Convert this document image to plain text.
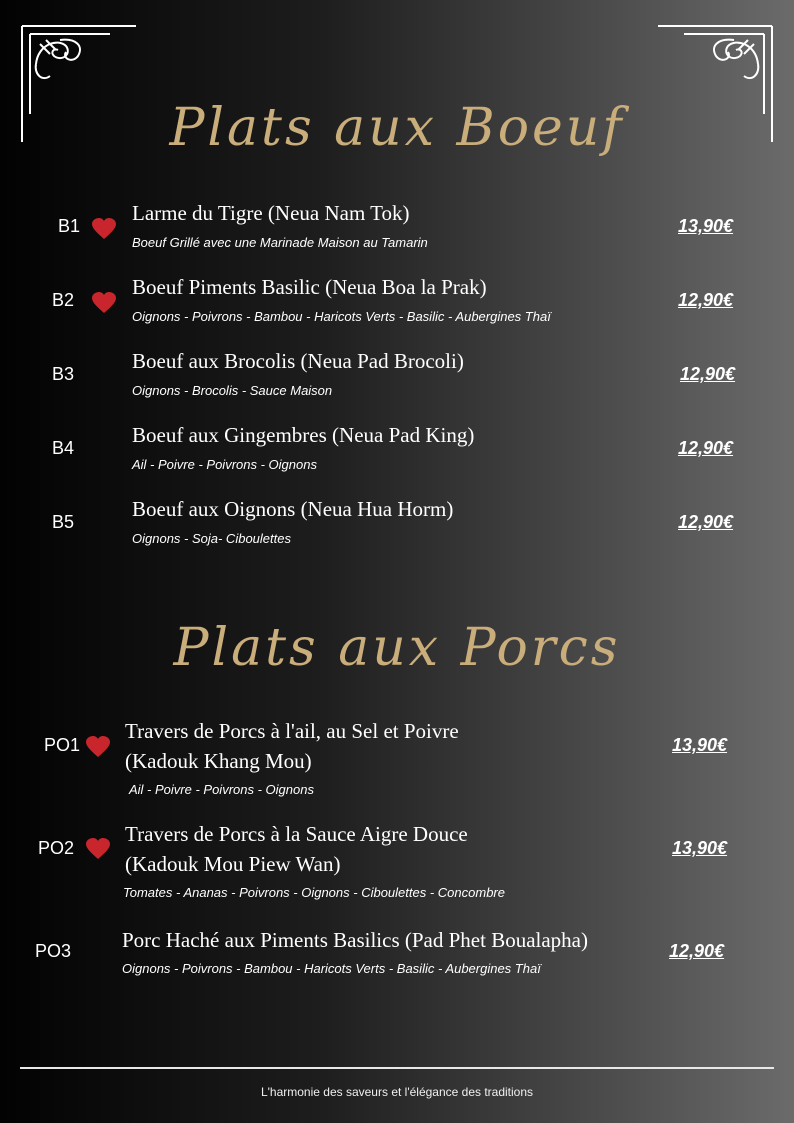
Plats aux Boeuf
B1
Larme du Tigre (Neua Nam Tok)
Boeuf Grillé avec une Marinade Maison au Tamarin
13,90€
B2
Boeuf Piments Basilic (Neua Boa la Prak)
Oignons - Poivrons - Bambou - Haricots Verts - Basilic - Aubergines Thaï
12,90€
B3
Boeuf aux Brocolis (Neua Pad Brocoli)
Oignons - Brocolis - Sauce Maison
12,90€
B4
Boeuf aux Gingembres (Neua Pad King)
Ail - Poivre - Poivrons - Oignons
12,90€
B5
Boeuf aux Oignons (Neua Hua Horm)
Oignons - Soja- Ciboulettes
12,90€
Plats aux Porcs
PO1
Travers de Porcs à l'ail, au Sel et Poivre
(Kadouk Khang Mou)
Ail - Poivre - Poivrons - Oignons
13,90€
PO2
Travers de Porcs à la Sauce Aigre Douce
(Kadouk Mou Piew Wan)
Tomates - Ananas - Poivrons - Oignons - Ciboulettes - Concombre
13,90€
PO3 Porc Haché aux Piments Basilics (Pad Phet Boualapha)
Oignons - Poivrons - Bambou - Haricots Verts - Basilic - Aubergines Thaï
12,90€
L'harmonie des saveurs et l'élégance des traditions
